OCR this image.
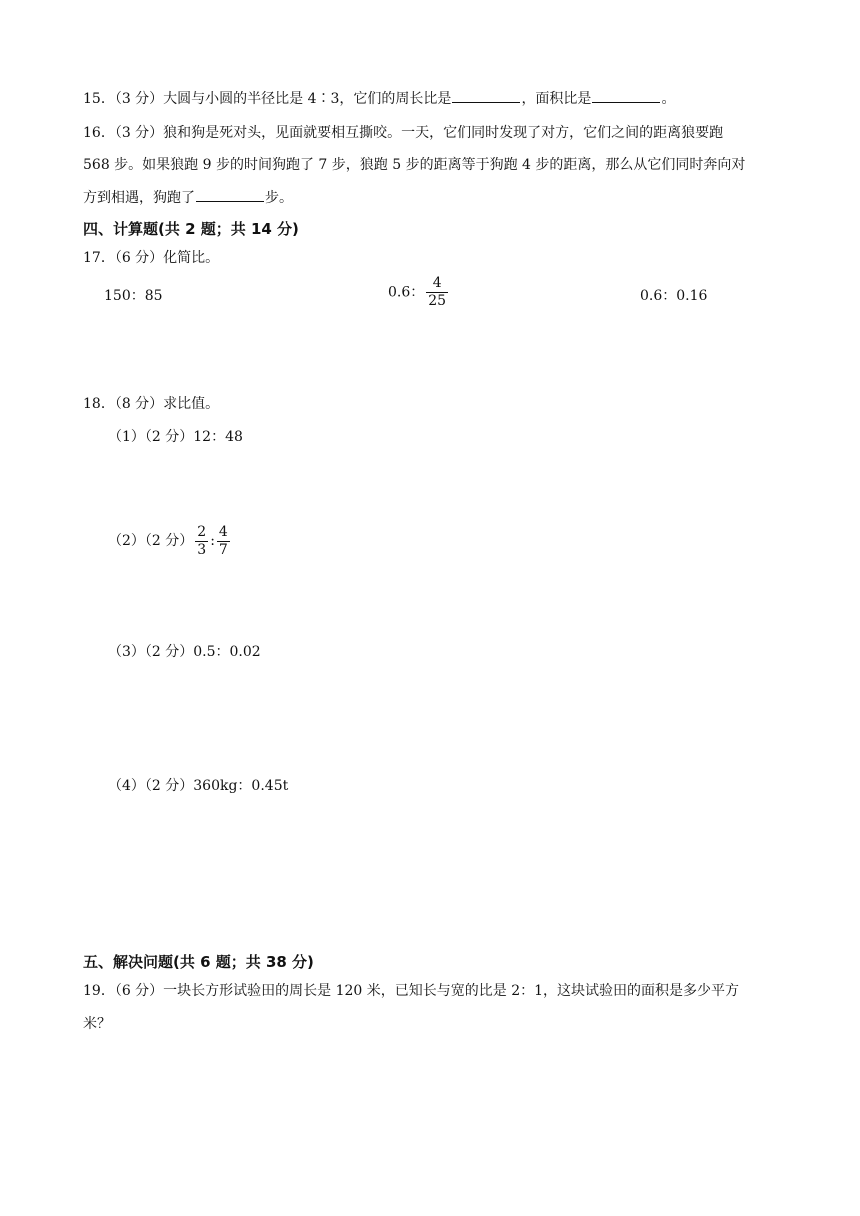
15．（3 分）大圆与小圆的半径比是 4∶3，它们的周长比是	，面积比是	。
16．（3 分）狼和狗是死对头，见面就要相互撕咬。一天，它们同时发现了对方，它们之间的距离狼要跑
568 步。如果狼跑 9 步的时间狗跑了 7 步，狼跑 5 步的距离等于狗跑 4 步的距离，那么从它们同时奔向对
方到相遇，狗跑了	步。
四、计算题(共 2 题；共 14 分)
17．（6 分）化简比。
150：85	0.6： $\frac{4}{25}$	0.6：0.16
18．（8 分）求比值。
（1）（2 分）12：48
（2）（2 分） $\frac{2}{3}$ : $\frac{4}{7}$
（3）（2 分）0.5：0.02
（4）（2 分）360kg：0.45t
五、解决问题(共 6 题；共 38 分)
19．（6 分）一块长方形试验田的周长是 120 米，已知长与宽的比是 2：1，这块试验田的面积是多少平方
米？
